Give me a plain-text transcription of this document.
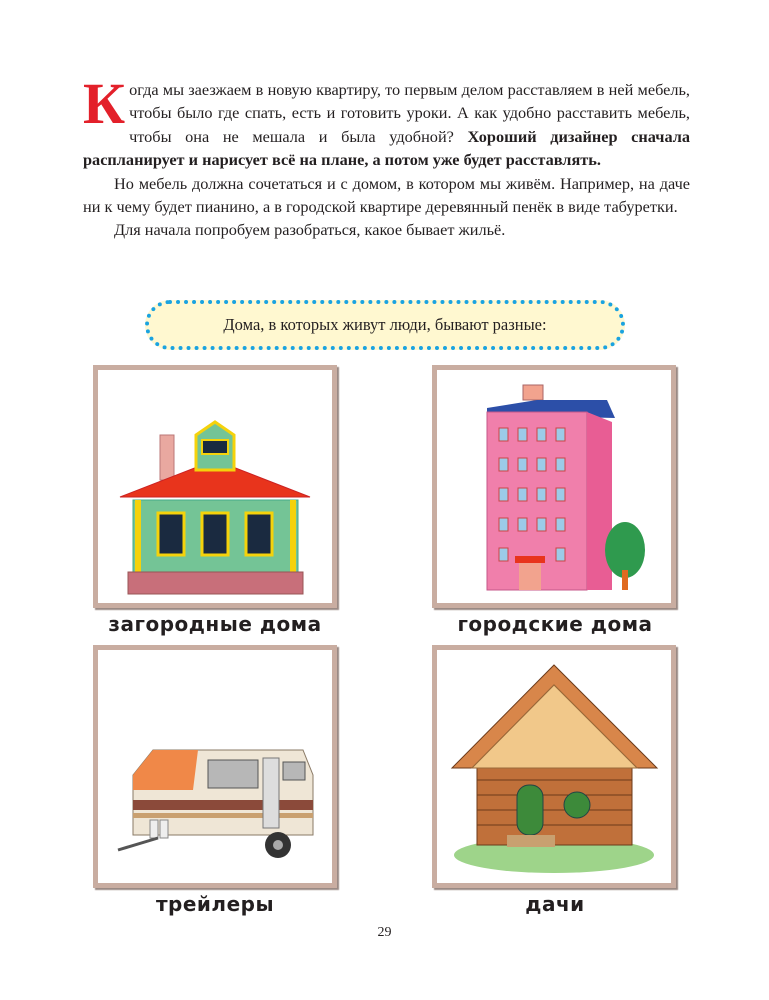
Когда мы заезжаем в новую квартиру, то первым делом расставляем в ней мебель, чтобы было где спать, есть и готовить уроки. А как удобно расставить мебель, чтобы она не мешала и была удобной? Хороший дизайнер сначала распланирует и нарисует всё на плане, а потом уже будет расставлять.

Но мебель должна сочетаться и с домом, в котором мы живём. Например, на даче ни к чему будет пианино, а в городской квартире деревянный пенёк в виде табуретки.

Для начала попробуем разобраться, какое бывает жильё.

Дома, в которых живут люди, бывают разные:
загородные дома	городские дома
трейлеры	дачи
29
